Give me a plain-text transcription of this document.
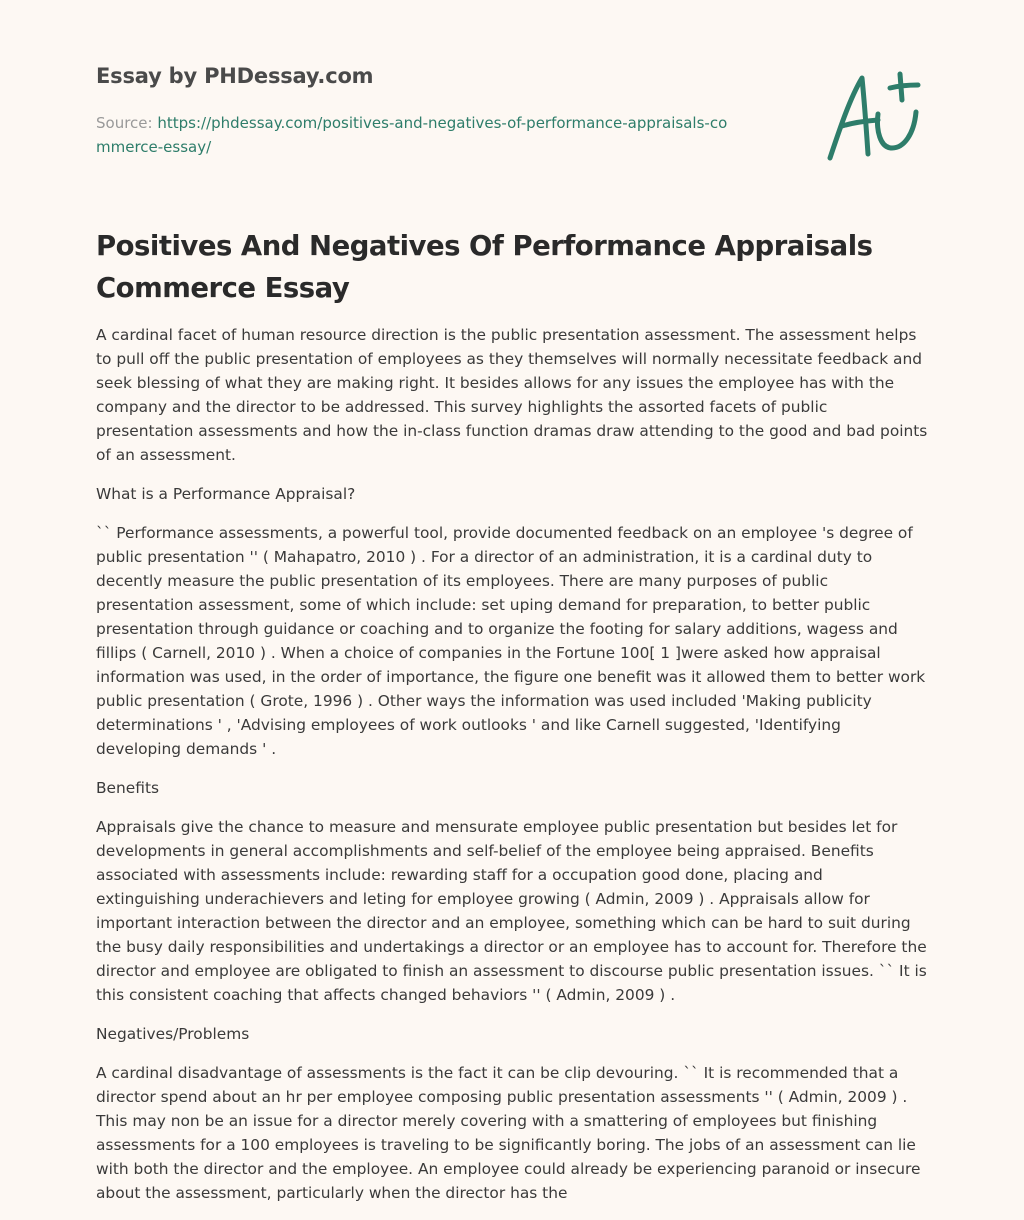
Essay by PHDessay.com

Source: https://phdessay.com/positives-and-negatives-of-performance-appraisals-commerce-essay/

Positives And Negatives Of Performance Appraisals Commerce Essay

A cardinal facet of human resource direction is the public presentation assessment. The assessment helps to pull off the public presentation of employees as they themselves will normally necessitate feedback and seek blessing of what they are making right. It besides allows for any issues the employee has with the company and the director to be addressed. This survey highlights the assorted facets of public presentation assessments and how the in-class function dramas draw attending to the good and bad points of an assessment.

What is a Performance Appraisal?

`` Performance assessments, a powerful tool, provide documented feedback on an employee 's degree of public presentation '' ( Mahapatro, 2010 ) . For a director of an administration, it is a cardinal duty to decently measure the public presentation of its employees. There are many purposes of public presentation assessment, some of which include: set uping demand for preparation, to better public presentation through guidance or coaching and to organize the footing for salary additions, wagess and fillips ( Carnell, 2010 ) . When a choice of companies in the Fortune 100[ 1 ]were asked how appraisal information was used, in the order of importance, the figure one benefit was it allowed them to better work public presentation ( Grote, 1996 ) . Other ways the information was used included 'Making publicity determinations ' , 'Advising employees of work outlooks ' and like Carnell suggested, 'Identifying developing demands ' .

Benefits

Appraisals give the chance to measure and mensurate employee public presentation but besides let for developments in general accomplishments and self-belief of the employee being appraised. Benefits associated with assessments include: rewarding staff for a occupation good done, placing and extinguishing underachievers and leting for employee growing ( Admin, 2009 ) . Appraisals allow for important interaction between the director and an employee, something which can be hard to suit during the busy daily responsibilities and undertakings a director or an employee has to account for. Therefore the director and employee are obligated to finish an assessment to discourse public presentation issues. `` It is this consistent coaching that affects changed behaviors '' ( Admin, 2009 ) .

Negatives/Problems

A cardinal disadvantage of assessments is the fact it can be clip devouring. `` It is recommended that a director spend about an hr per employee composing public presentation assessments '' ( Admin, 2009 ) . This may non be an issue for a director merely covering with a smattering of employees but finishing assessments for a 100 employees is traveling to be significantly boring. The jobs of an assessment can lie with both the director and the employee. An employee could already be experiencing paranoid or insecure about the assessment, particularly when the director has the
